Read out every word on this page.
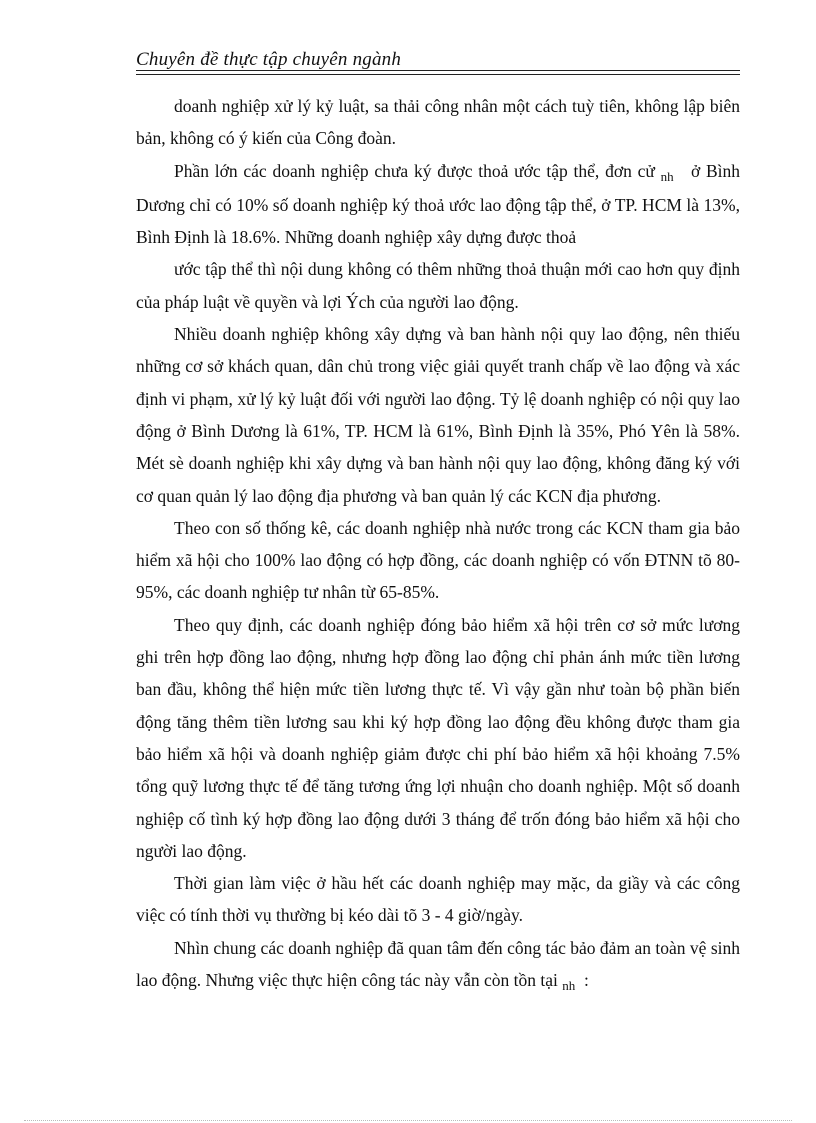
Chuyên đề thực tập chuyên ngành

doanh nghiệp xử lý kỷ luật, sa thải công nhân một cách tuỳ tiên, không lập biên bản, không có ý kiến của Công đoàn.

Phần lớn các doanh nghiệp chưa ký được thoả ước tập thể, đơn cử $_{nh}$ ở Bình Dương chỉ có 10% số doanh nghiệp ký thoả ước lao động tập thể, ở TP. HCM là 13%, Bình Định là 18.6%. Những doanh nghiệp xây dựng được thoả

ước tập thể thì nội dung không có thêm những thoả thuận mới cao hơn quy định của pháp luật về quyền và lợi Ých của người lao động.

Nhiều doanh nghiệp không xây dựng và ban hành nội quy lao động, nên thiếu những cơ sở khách quan, dân chủ trong việc giải quyết tranh chấp về lao động và xác định vi phạm, xử lý kỷ luật đối với người lao động. Tỷ lệ doanh nghiệp có nội quy lao động ở Bình Dương là 61%, TP. HCM là 61%, Bình Định là 35%, Phó Yên là 58%. Mét sè doanh nghiệp khi xây dựng và ban hành nội quy lao động, không đăng ký với cơ quan quản lý lao động địa phương và ban quản lý các KCN địa phương.

Theo con số thống kê, các doanh nghiệp nhà nước trong các KCN tham gia bảo hiểm xã hội cho 100% lao động có hợp đồng, các doanh nghiệp có vốn ĐTNN tõ 80-95%, các doanh nghiệp tư nhân từ 65-85%.

Theo quy định, các doanh nghiệp đóng bảo hiểm xã hội trên cơ sở mức lương ghi trên hợp đồng lao động, nhưng hợp đồng lao động chỉ phản ánh mức tiền lương ban đầu, không thể hiện mức tiền lương thực tế. Vì vậy gần như toàn bộ phần biến động tăng thêm tiền lương sau khi ký hợp đồng lao động đều không được tham gia bảo hiểm xã hội và doanh nghiệp giảm được chi phí bảo hiểm xã hội khoảng 7.5% tổng quỹ lương thực tế để tăng tương ứng lợi nhuận cho doanh nghiệp. Một số doanh nghiệp cố tình ký hợp đồng lao động dưới 3 tháng để trốn đóng bảo hiểm xã hội cho người lao động.

Thời gian làm việc ở hầu hết các doanh nghiệp may mặc, da giầy và các công việc có tính thời vụ thường bị kéo dài tõ 3 - 4 giờ/ngày.

Nhìn chung các doanh nghiệp đã quan tâm đến công tác bảo đảm an toàn vệ sinh lao động. Nhưng việc thực hiện công tác này vẫn còn tồn tại $_{nh}$ :
